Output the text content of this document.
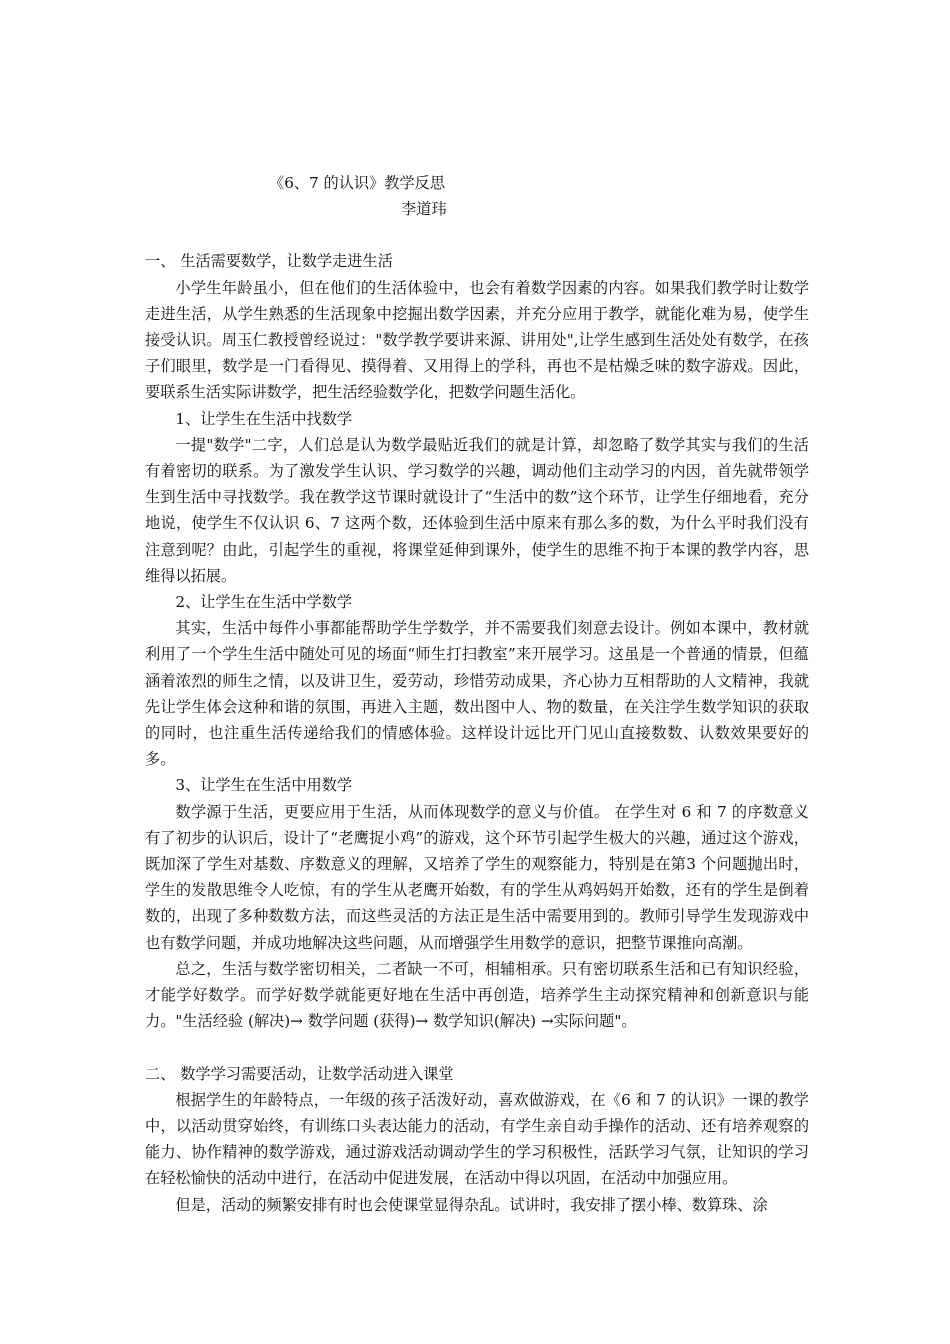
《6、7 的认识》教学反思
李道玮
一、 生活需要数学，让数学走进生活

小学生年龄虽小，但在他们的生活体验中，也会有着数学因素的内容。如果我们教学时让数学走进生活，从学生熟悉的生活现象中挖掘出数学因素，并充分应用于教学，就能化难为易，使学生接受认识。周玉仁教授曾经说过："数学教学要讲来源、讲用处",让学生感到生活处处有数学，在孩子们眼里，数学是一门看得见、摸得着、又用得上的学科，再也不是枯燥乏味的数字游戏。因此， 要联系生活实际讲数学，把生活经验数学化，把数学问题生活化。

1、让学生在生活中找数学

一提"数学"二字，人们总是认为数学最贴近我们的就是计算，却忽略了数学其实与我们的生活有着密切的联系。为了激发学生认识、学习数学的兴趣，调动他们主动学习的内因，首先就带领学生到生活中寻找数学。我在教学这节课时就设计了“生活中的数”这个环节，让学生仔细地看，充分地说，使学生不仅认识 6、7 这两个数，还体验到生活中原来有那么多的数，为什么平时我们没有注意到呢？由此，引起学生的重视，将课堂延伸到课外，使学生的思维不拘于本课的教学内容，思维得以拓展。

2、让学生在生活中学数学

其实，生活中每件小事都能帮助学生学数学，并不需要我们刻意去设计。例如本课中，教材就利用了一个学生生活中随处可见的场面“师生打扫教室”来开展学习。这虽是一个普通的情景，但蕴涵着浓烈的师生之情，以及讲卫生，爱劳动，珍惜劳动成果，齐心协力互相帮助的人文精神，我就先让学生体会这种和谐的氛围，再进入主题，数出图中人、物的数量，在关注学生数学知识的获取的同时，也注重生活传递给我们的情感体验。这样设计远比开门见山直接数数、认数效果要好的多。

3、让学生在生活中用数学

数学源于生活，更要应用于生活，从而体现数学的意义与价值。 在学生对 6 和 7 的序数意义有了初步的认识后，设计了“老鹰捉小鸡”的游戏，这个环节引起学生极大的兴趣，通过这个游戏，既加深了学生对基数、序数意义的理解，又培养了学生的观察能力，特别是在第3 个问题抛出时，学生的发散思维令人吃惊，有的学生从老鹰开始数，有的学生从鸡妈妈开始数，还有的学生是倒着数的，出现了多种数数方法，而这些灵活的方法正是生活中需要用到的。教师引导学生发现游戏中也有数学问题，并成功地解决这些问题，从而增强学生用数学的意识，把整节课推向高潮。

总之，生活与数学密切相关，二者缺一不可，相辅相承。只有密切联系生活和已有知识经验，才能学好数学。而学好数学就能更好地在生活中再创造，培养学生主动探究精神和创新意识与能力。"生活经验 (解决)→ 数学问题 (获得)→ 数学知识(解决) →实际问题"。

二、 数学学习需要活动，让数学活动进入课堂

根据学生的年龄特点，一年级的孩子活泼好动，喜欢做游戏，在《6 和 7 的认识》一课的教学中，以活动贯穿始终，有训练口头表达能力的活动，有学生亲自动手操作的活动、还有培养观察的能力、协作精神的数学游戏，通过游戏活动调动学生的学习积极性，活跃学习气氛，让知识的学习在轻松愉快的活动中进行，在活动中促进发展，在活动中得以巩固，在活动中加强应用。

但是，活动的频繁安排有时也会使课堂显得杂乱。试讲时，我安排了摆小棒、数算珠、涂
